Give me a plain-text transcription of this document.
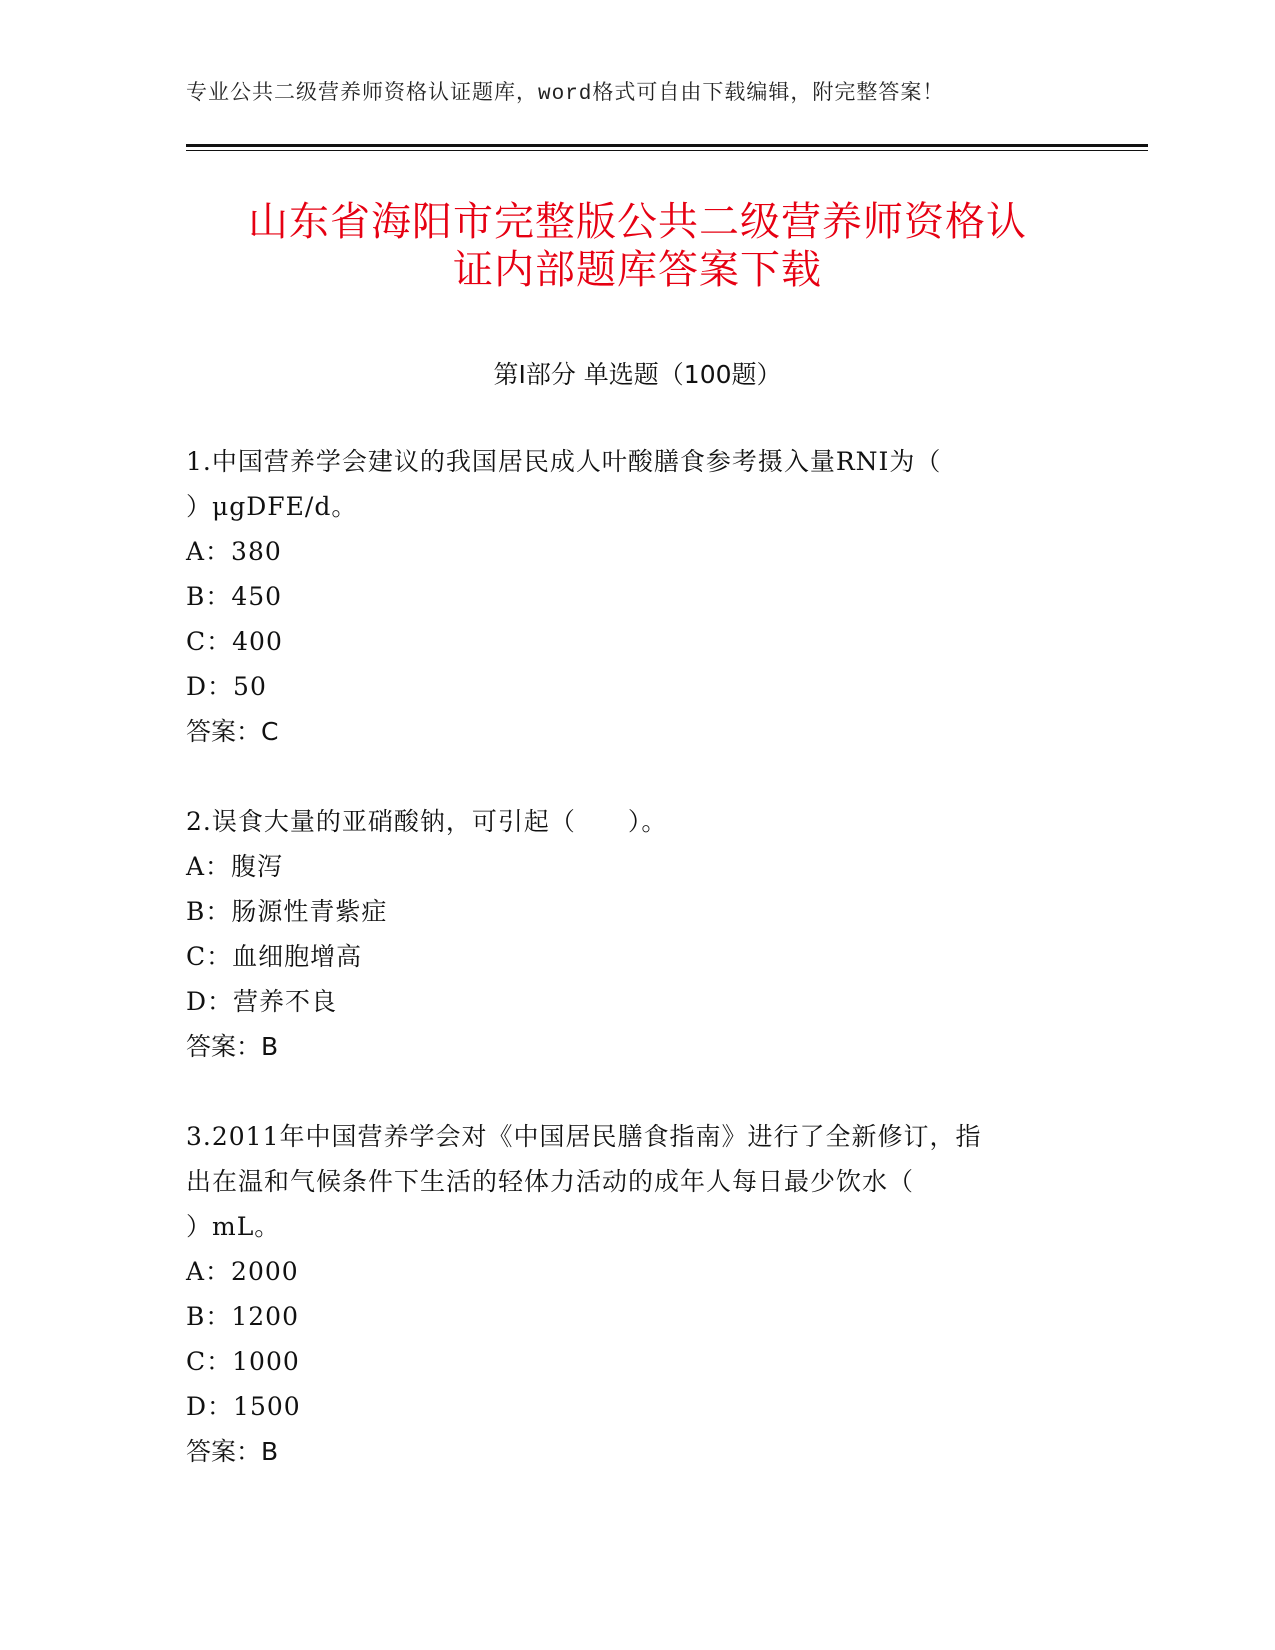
专业公共二级营养师资格认证题库，word格式可自由下载编辑，附完整答案！
山东省海阳市完整版公共二级营养师资格认
证内部题库答案下载
第Ⅰ部分 单选题（100题）

1.中国营养学会建议的我国居民成人叶酸膳食参考摄入量RNI为（

）μgDFE/d。

A：380

B：450

C：400

D：50

答案：C

2.误食大量的亚硝酸钠，可引起（　　）。

A：腹泻

B：肠源性青紫症

C：血细胞增高

D：营养不良

答案：B

3.2011年中国营养学会对《中国居民膳食指南》进行了全新修订，指

出在温和气候条件下生活的轻体力活动的成年人每日最少饮水（

）mL。

A：2000

B：1200

C：1000

D：1500

答案：B
